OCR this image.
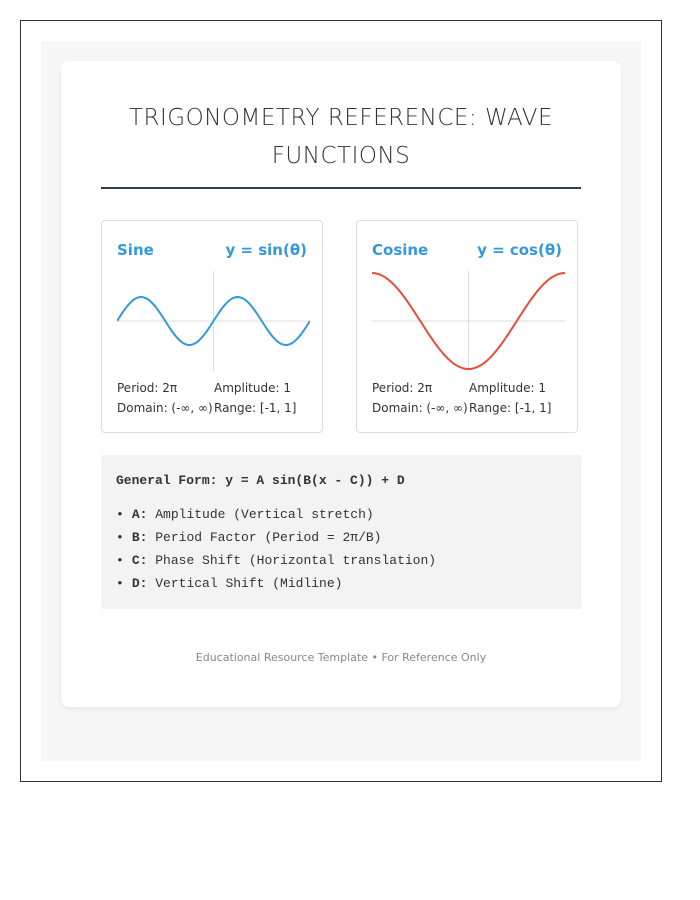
TRIGONOMETRY REFERENCE: WAVE FUNCTIONS
Sine	y = sin(θ)
Period: 2π	Amplitude: 1
Domain: (-∞, ∞) Range: [-1, 1]
Cosine	y = cos(θ)
Period: 2π	Amplitude: 1
Domain: (-∞, ∞) Range: [-1, 1]
General Form: y = A sin(B(x - C)) + D
• A: Amplitude (Vertical stretch)
• B: Period Factor (Period = 2π/B)
• C: Phase Shift (Horizontal translation)
• D: Vertical Shift (Midline)
Educational Resource Template • For Reference Only
